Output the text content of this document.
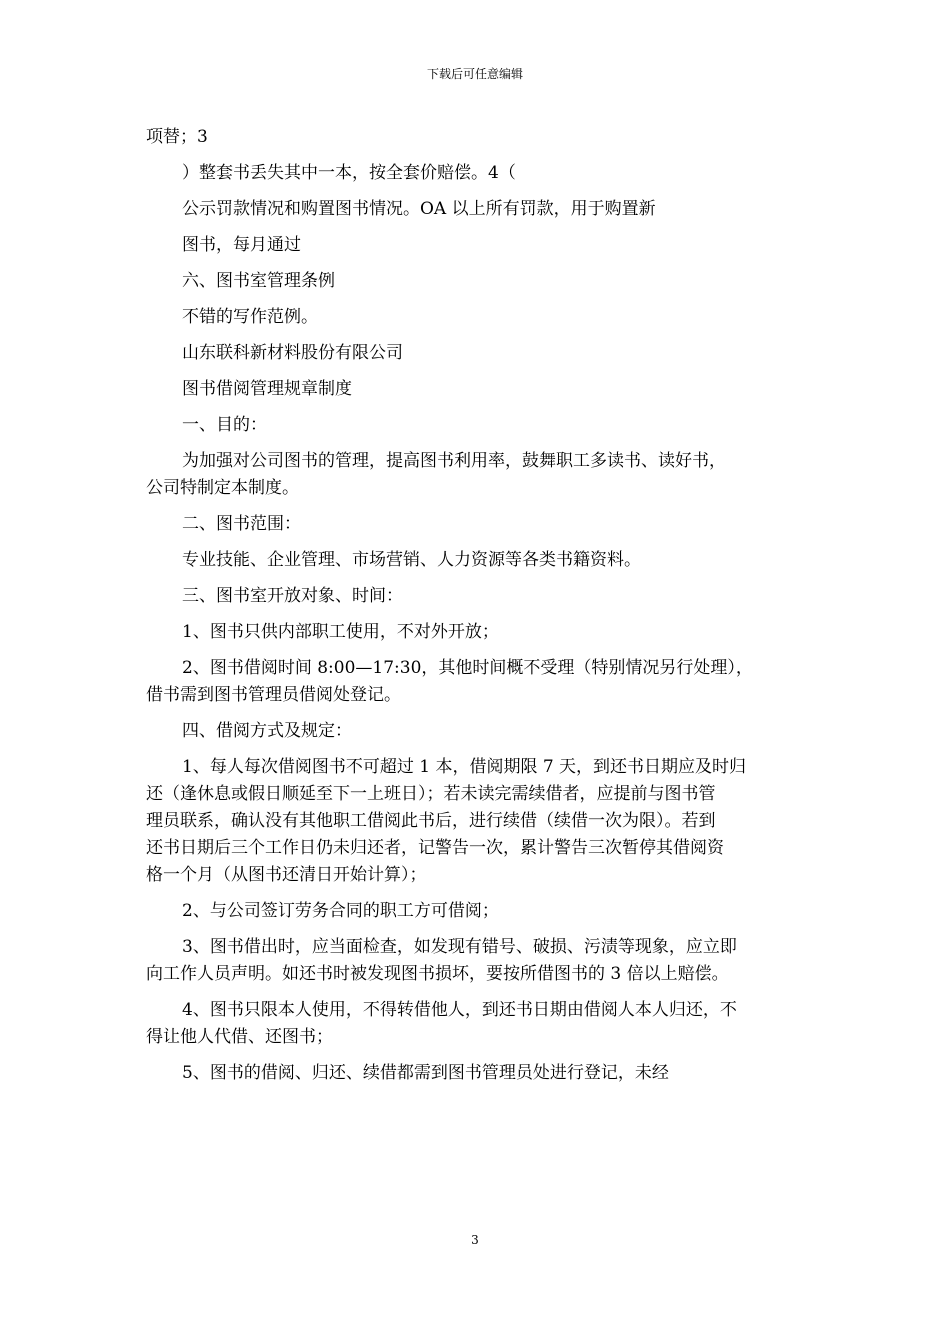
下载后可任意编辑
项替；3
）整套书丢失其中一本，按全套价赔偿。4（
公示罚款情况和购置图书情况。OA 以上所有罚款，用于购置新
图书，每月通过
六、图书室管理条例
不错的写作范例。
山东联科新材料股份有限公司
图书借阅管理规章制度
一、目的：
为加强对公司图书的管理，提高图书利用率，鼓舞职工多读书、读好书，
公司特制定本制度。
二、图书范围：
专业技能、企业管理、市场营销、人力资源等各类书籍资料。
三、图书室开放对象、时间：
1、图书只供内部职工使用，不对外开放；
2、图书借阅时间 8:00—17:30，其他时间概不受理（特别情况另行处理），
借书需到图书管理员借阅处登记。
四、借阅方式及规定：
1、每人每次借阅图书不可超过 1 本，借阅期限 7 天，到还书日期应及时归
还（逢休息或假日顺延至下一上班日）；若未读完需续借者，应提前与图书管
理员联系，确认没有其他职工借阅此书后，进行续借（续借一次为限）。若到
还书日期后三个工作日仍未归还者，记警告一次，累计警告三次暂停其借阅资
格一个月（从图书还清日开始计算）；
2、与公司签订劳务合同的职工方可借阅；
3、图书借出时，应当面检查，如发现有错号、破损、污渍等现象，应立即
向工作人员声明。如还书时被发现图书损坏，要按所借图书的 3 倍以上赔偿。
4、图书只限本人使用，不得转借他人，到还书日期由借阅人本人归还，不
得让他人代借、还图书；
5、图书的借阅、归还、续借都需到图书管理员处进行登记，未经
3
